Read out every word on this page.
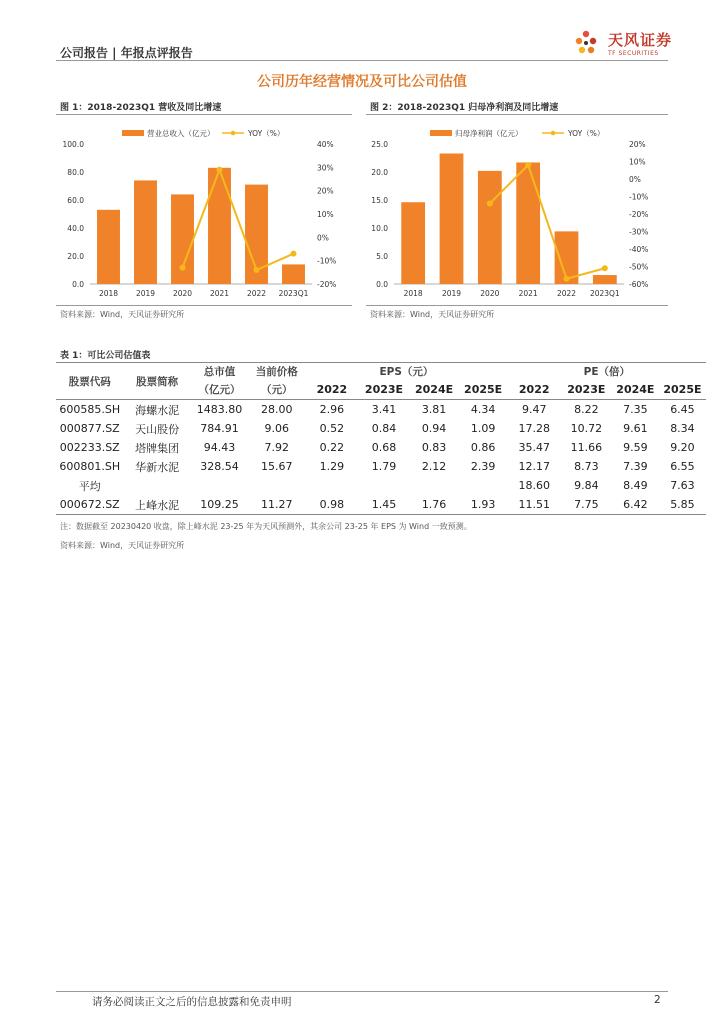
公司报告 | 年报点评报告
天风证券
TF SECURITIES
公司历年经营情况及可比公司估值
图 1：2018-2023Q1 营收及同比增速
营业总收入（亿元）	YOY（%）
0.0
20.0
40.0
60.0
80.0
100.0
-20%
-10%
0%
10%
20%
30%
40%
2018 2019 2020 2021 2022 2023Q1
资料来源：Wind，天风证券研究所
图 2：2018-2023Q1 归母净利润及同比增速
归母净利润（亿元）	YOY（%）
0.0
5.0
10.0
15.0
20.0
25.0
-60%
-50%
-40%
-30%
-20%
-10%
0%
10%
20%
2018	2019	2020	2021	2022 2023Q1
资料来源：Wind，天风证券研究所
表 1：可比公司估值表
股票代码	股票简称	总市值	当前价格	EPS（元）				PE（倍）			
		（亿元）	（元）								
				2022	2023E	2024E	2025E	2022	2023E	2024E	2025E
600585.SH	海螺水泥	1483.80	28.00	2.96	3.41	3.81	4.34	9.47	8.22	7.35	6.45
000877.SZ	天山股份	784.91	9.06	0.52	0.84	0.94	1.09	17.28	10.72	9.61	8.34
002233.SZ	塔牌集团	94.43	7.92	0.22	0.68	0.83	0.86	35.47	11.66	9.59	9.20
600801.SH	华新水泥	328.54	15.67	1.29	1.79	2.12	2.39	12.17	8.73	7.39	6.55
平均								18.60	9.84	8.49	7.63
000672.SZ	上峰水泥	109.25	11.27	0.98	1.45	1.76	1.93	11.51	7.75	6.42	5.85
注：数据截至 20230420 收盘，除上峰水泥 23-25 年为天风预测外，其余公司 23-25 年 EPS 为 Wind 一致预测。
资料来源：Wind，天风证券研究所
请务必阅读正文之后的信息披露和免责申明	2
